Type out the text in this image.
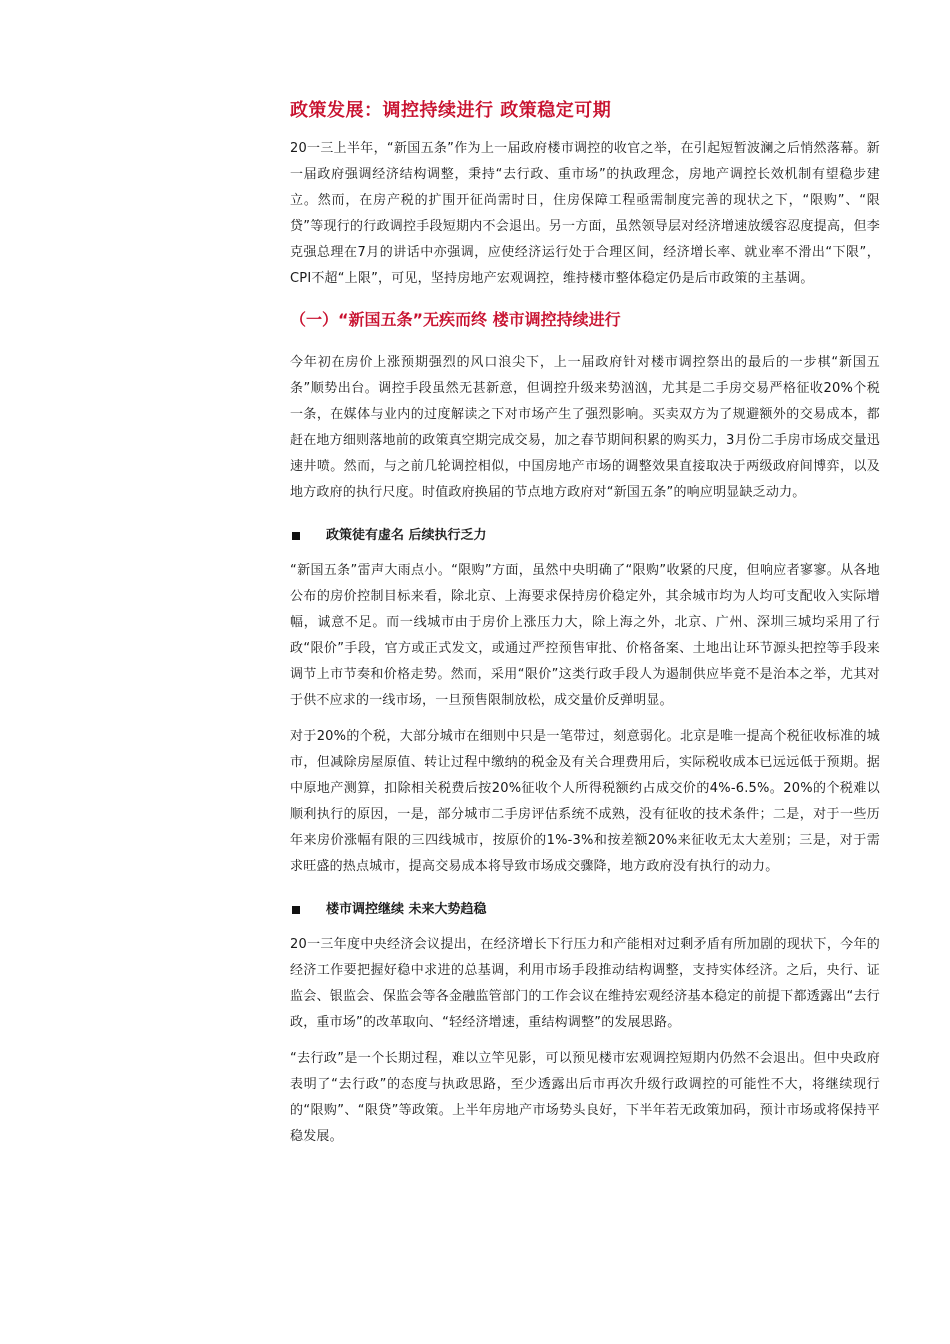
政策发展：调控持续进行 政策稳定可期

20一三上半年，“新国五条”作为上一届政府楼市调控的收官之举，在引起短暂波澜之后悄然落幕。新一届政府强调经济结构调整，秉持“去行政、重市场”的执政理念，房地产调控长效机制有望稳步建立。然而，在房产税的扩围开征尚需时日，住房保障工程亟需制度完善的现状之下，“限购”、“限贷”等现行的行政调控手段短期内不会退出。另一方面，虽然领导层对经济增速放缓容忍度提高，但李克强总理在7月的讲话中亦强调，应使经济运行处于合理区间，经济增长率、就业率不滑出“下限”，CPI不超“上限”，可见，坚持房地产宏观调控，维持楼市整体稳定仍是后市政策的主基调。

（一）“新国五条”无疾而终 楼市调控持续进行

今年初在房价上涨预期强烈的风口浪尖下，上一届政府针对楼市调控祭出的最后的一步棋“新国五条”顺势出台。调控手段虽然无甚新意，但调控升级来势汹汹，尤其是二手房交易严格征收20%个税一条，在媒体与业内的过度解读之下对市场产生了强烈影响。买卖双方为了规避额外的交易成本，都赶在地方细则落地前的政策真空期完成交易，加之春节期间积累的购买力，3月份二手房市场成交量迅速井喷。然而，与之前几轮调控相似，中国房地产市场的调整效果直接取决于两级政府间博弈，以及地方政府的执行尺度。时值政府换届的节点地方政府对“新国五条”的响应明显缺乏动力。

政策徒有虚名 后续执行乏力

“新国五条”雷声大雨点小。“限购”方面，虽然中央明确了“限购”收紧的尺度，但响应者寥寥。从各地公布的房价控制目标来看，除北京、上海要求保持房价稳定外，其余城市均为人均可支配收入实际增幅，诚意不足。而一线城市由于房价上涨压力大，除上海之外，北京、广州、深圳三城均采用了行政“限价”手段，官方或正式发文，或通过严控预售审批、价格备案、土地出让环节源头把控等手段来调节上市节奏和价格走势。然而，采用“限价”这类行政手段人为遏制供应毕竟不是治本之举，尤其对于供不应求的一线市场，一旦预售限制放松，成交量价反弹明显。

对于20%的个税，大部分城市在细则中只是一笔带过，刻意弱化。北京是唯一提高个税征收标准的城市，但减除房屋原值、转让过程中缴纳的税金及有关合理费用后，实际税收成本已远远低于预期。据中原地产测算，扣除相关税费后按20%征收个人所得税额约占成交价的4%-6.5%。20%的个税难以顺利执行的原因，一是，部分城市二手房评估系统不成熟，没有征收的技术条件；二是，对于一些历年来房价涨幅有限的三四线城市，按原价的1%-3%和按差额20%来征收无太大差别；三是，对于需求旺盛的热点城市，提高交易成本将导致市场成交骤降，地方政府没有执行的动力。

楼市调控继续 未来大势趋稳

20一三年度中央经济会议提出，在经济增长下行压力和产能相对过剩矛盾有所加剧的现状下，今年的经济工作要把握好稳中求进的总基调，利用市场手段推动结构调整，支持实体经济。之后，央行、证监会、银监会、保监会等各金融监管部门的工作会议在维持宏观经济基本稳定的前提下都透露出“去行政，重市场”的改革取向、“轻经济增速，重结构调整”的发展思路。

“去行政”是一个长期过程，难以立竿见影，可以预见楼市宏观调控短期内仍然不会退出。但中央政府表明了“去行政”的态度与执政思路，至少透露出后市再次升级行政调控的可能性不大，将继续现行的“限购”、“限贷”等政策。上半年房地产市场势头良好，下半年若无政策加码，预计市场或将保持平稳发展。
